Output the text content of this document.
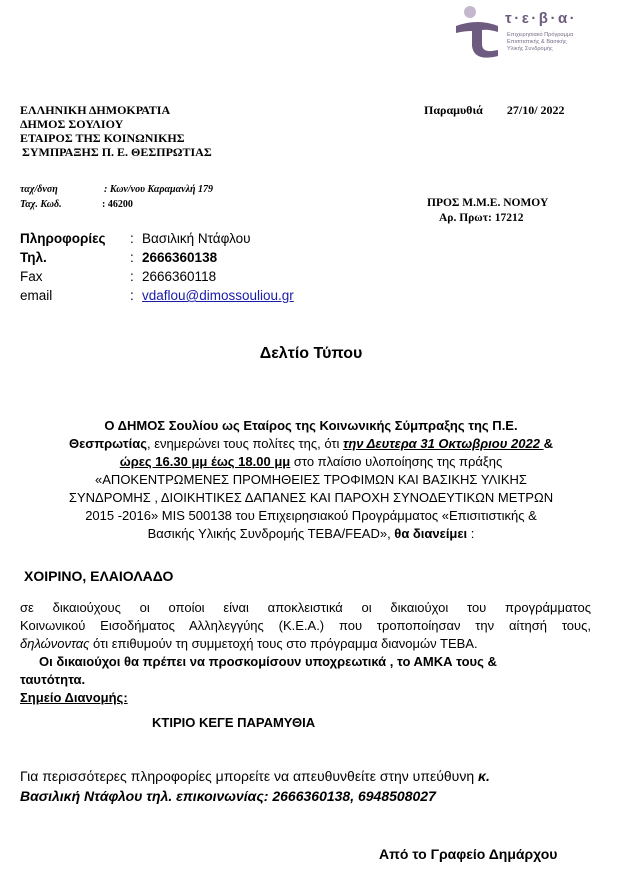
τ·ε·β·α·
Επιχειρησιακό Πρόγραμμα
Επισιτιστικής & Βασικής
Υλικής Συνδρομής
ΕΛΛΗΝΙΚΗ ΔΗΜΟΚΡΑΤΙΑ
ΔΗΜΟΣ ΣΟΥΛΙΟΥ
ΕΤΑΙΡΟΣ ΤΗΣ ΚΟΙΝΩΝΙΚΗΣ
ΣΥΜΠΡΑΞΗΣ Π. Ε. ΘΕΣΠΡΩΤΙΑΣ
Παραμυθιά 27/10/ 2022
ταχ/δνση	: Κων/νου Καραμανλή 179
Ταχ. Κωδ.	: 46200	ΠΡΟΣ Μ.Μ.Ε. ΝΟΜΟΥ
Αρ. Πρωτ: 17212
Πληροφορίες : Βασιλική Ντάφλου
Τηλ.	: 2666360138
Fax	: 2666360118
email	: vdaflou@dimossouliou.gr
Δελτίο Τύπου
Ο ΔΗΜΟΣ Σουλίου ως Εταίρος της Κοινωνικής Σύμπραξης της Π.Ε.
Θεσπρωτίας, ενημερώνει τους πολίτες της, ότι την Δευτερα 31 Οκτωβριου 2022 &
ώρες 16.30 μμ έως 18.00 μμ στο πλαίσιο υλοποίησης της πράξης
«ΑΠΟΚΕΝΤΡΩΜΕΝΕΣ ΠΡΟΜΗΘΕΙΕΣ ΤΡΟΦΙΜΩΝ ΚΑΙ ΒΑΣΙΚΗΣ ΥΛΙΚΗΣ
ΣΥΝΔΡΟΜΗΣ , ΔΙΟΙΚΗΤΙΚΕΣ ΔΑΠΑΝΕΣ ΚΑΙ ΠΑΡΟΧΗ ΣΥΝΟΔΕΥΤΙΚΩΝ ΜΕΤΡΩΝ
2015 -2016» MIS 500138 του Επιχειρησιακού Προγράμματος «Επισιτιστικής &
Βασικής Υλικής Συνδρομής ΤΕΒΑ/FEAD», θα διανείμει :
ΧΟΙΡΙΝΟ, ΕΛΑΙΟΛΑΔΟ
σε δικαιούχους οι οποίοι είναι αποκλειστικά οι δικαιούχοι του προγράμματος
Κοινωνικού Εισοδήματος Αλληλεγγύης (Κ.Ε.Α.) που τροποποίησαν την αίτησή τους,
δηλώνοντας ότι επιθυμούν τη συμμετοχή τους στο πρόγραμμα διανομών ΤΕΒΑ.
Οι δικαιούχοι θα πρέπει να προσκομίσουν υποχρεωτικά , το ΑΜΚΑ τους &
ταυτότητα.
Σημείο Διανομής:
ΚΤΙΡΙΟ ΚΕΓΕ ΠΑΡΑΜΥΘΙΑ
Για περισσότερες πληροφορίες μπορείτε να απευθυνθείτε στην υπεύθυνη κ.
Βασιλική Ντάφλου τηλ. επικοινωνίας: 2666360138, 6948508027
Από το Γραφείο Δημάρχου
